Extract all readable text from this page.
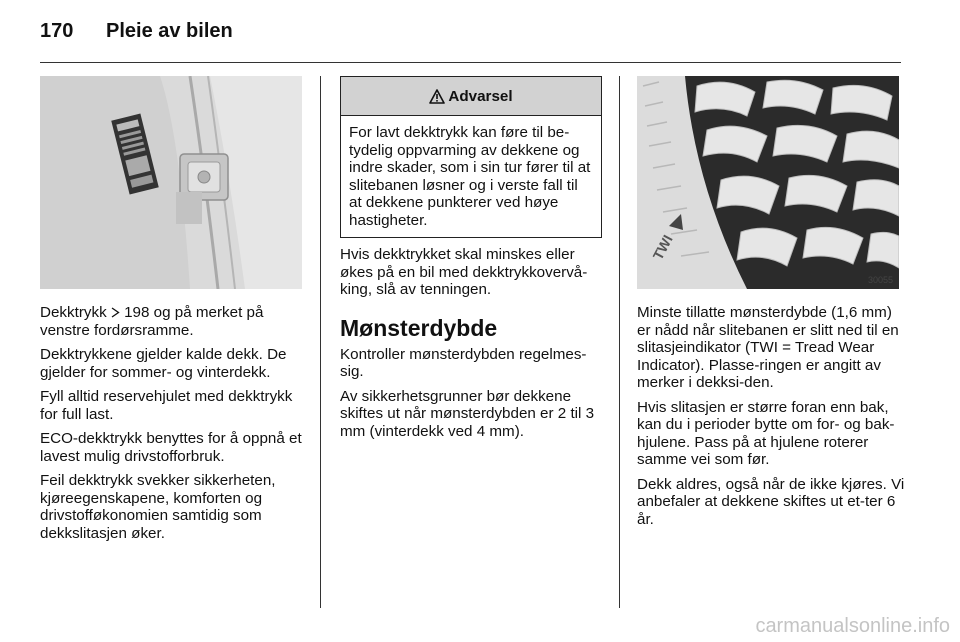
170 Pleie av bilen

Dekktrykk  198 og på merket på venstre fordørsramme.

Dekktrykkene gjelder kalde dekk. De gjelder for sommer- og vinterdekk.

Fyll alltid reservehjulet med dekktrykk for full last.

ECO-dekktrykk benyttes for å oppnå et lavest mulig drivstofforbruk.

Feil dekktrykk svekker sikkerheten, kjøreegenskapene, komforten og drivstofføkonomien samtidig som dekkslitasjen øker.

Advarsel
For lavt dekktrykk kan føre til be-tydelig oppvarming av dekkene og indre skader, som i sin tur fører til at slitebanen løsner og i verste fall til at dekkene punkterer ved høye hastigheter.

Hvis dekktrykket skal minskes eller økes på en bil med dekktrykkovervå-king, slå av tenningen.

Mønsterdybde

Kontroller mønsterdybden regelmes-sig.

Av sikkerhetsgrunner bør dekkene skiftes ut når mønsterdybden er 2 til 3 mm (vinterdekk ved 4 mm).

TWI
30055

Minste tillatte mønsterdybde (1,6 mm) er nådd når slitebanen er slitt ned til en slitasjeindikator (TWI = Tread Wear Indicator). Plasse-ringen er angitt av merker i dekksi-den.

Hvis slitasjen er større foran enn bak, kan du i perioder bytte om for- og bak-hjulene. Pass på at hjulene roterer samme vei som før.

Dekk aldres, også når de ikke kjøres. Vi anbefaler at dekkene skiftes ut et-ter 6 år.

carmanualsonline.info
